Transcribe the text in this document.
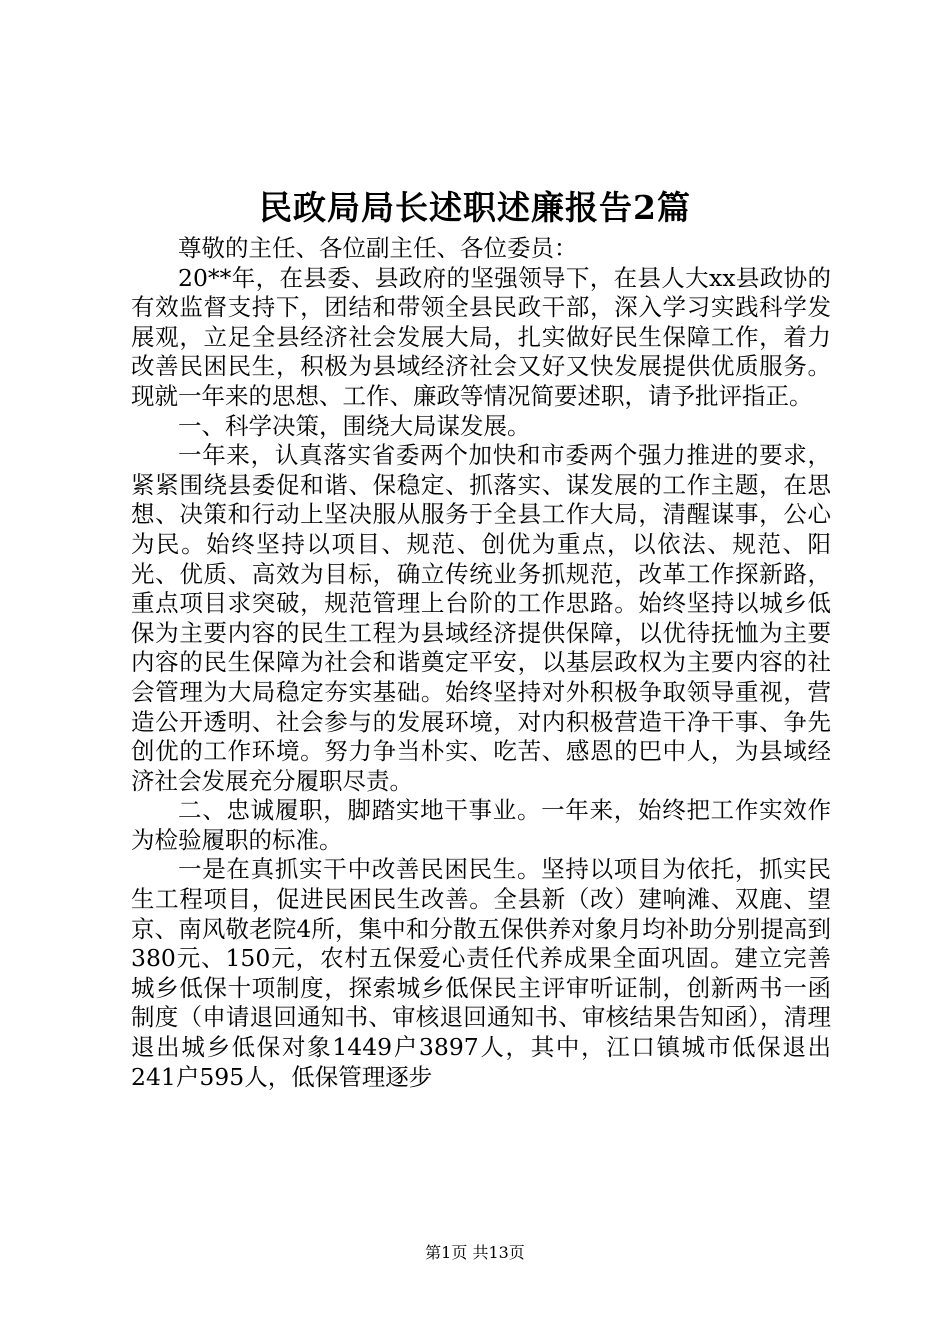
民政局局长述职述廉报告2篇

尊敬的主任、各位副主任、各位委员：

20**年，在县委、县政府的坚强领导下，在县人大xx县政协的有效监督支持下，团结和带领全县民政干部，深入学习实践科学发展观，立足全县经济社会发展大局，扎实做好民生保障工作，着力改善民困民生，积极为县域经济社会又好又快发展提供优质服务。现就一年来的思想、工作、廉政等情况简要述职，请予批评指正。

一、科学决策，围绕大局谋发展。

一年来，认真落实省委两个加快和市委两个强力推进的要求，紧紧围绕县委促和谐、保稳定、抓落实、谋发展的工作主题，在思想、决策和行动上坚决服从服务于全县工作大局，清醒谋事，公心为民。始终坚持以项目、规范、创优为重点，以依法、规范、阳光、优质、高效为目标，确立传统业务抓规范，改革工作探新路，重点项目求突破，规范管理上台阶的工作思路。始终坚持以城乡低保为主要内容的民生工程为县域经济提供保障，以优待抚恤为主要内容的民生保障为社会和谐奠定平安，以基层政权为主要内容的社会管理为大局稳定夯实基础。始终坚持对外积极争取领导重视，营造公开透明、社会参与的发展环境，对内积极营造干净干事、争先创优的工作环境。努力争当朴实、吃苦、感恩的巴中人，为县域经济社会发展充分履职尽责。

二、忠诚履职，脚踏实地干事业。一年来，始终把工作实效作为检验履职的标准。

一是在真抓实干中改善民困民生。坚持以项目为依托，抓实民生工程项目，促进民困民生改善。全县新（改）建响滩、双鹿、望京、南风敬老院4所，集中和分散五保供养对象月均补助分别提高到380元、150元，农村五保爱心责任代养成果全面巩固。建立完善城乡低保十项制度，探索城乡低保民主评审听证制，创新两书一函制度（申请退回通知书、审核退回通知书、审核结果告知函），清理退出城乡低保对象1449户3897人，其中，江口镇城市低保退出241户595人，低保管理逐步

第1页 共13页
